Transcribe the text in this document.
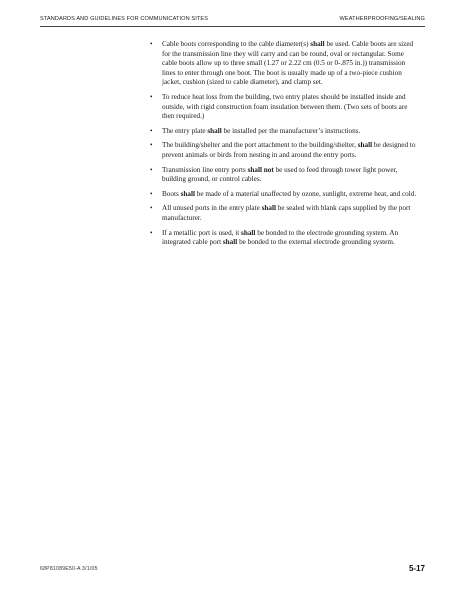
STANDARDS AND GUIDELINES FOR COMMUNICATION SITES	WEATHERPROOFING/SEALING
• Cable boots corresponding to the cable diameter(s) shall be used. Cable boots are sized for the transmission line they will carry and can be round, oval or rectangular. Some cable boots allow up to three small (1.27 or 2.22 cm (0.5 or 0-.875 in.)) transmission lines to enter through one boot. The boot is usually made up of a two-piece cushion jacket, cushion (sized to cable diameter), and clamp set.
• To reduce heat loss from the building, two entry plates should be installed inside and outside, with rigid construction foam insulation between them. (Two sets of boots are then required.)
• The entry plate shall be installed per the manufacturer’s instructions.
• The building/shelter and the port attachment to the building/shelter, shall be designed to prevent animals or birds from nesting in and around the entry ports.
• Transmission line entry ports shall not be used to feed through tower light power, building ground, or control cables.
• Boots shall be made of a material unaffected by ozone, sunlight, extreme heat, and cold.
• All unused ports in the entry plate shall be sealed with blank caps supplied by the port manufacturer.
• If a metallic port is used, it shall be bonded to the electrode grounding system. An integrated cable port shall be bonded to the external electrode grounding system.
68P81089E50-A 3/1/05	5-17
